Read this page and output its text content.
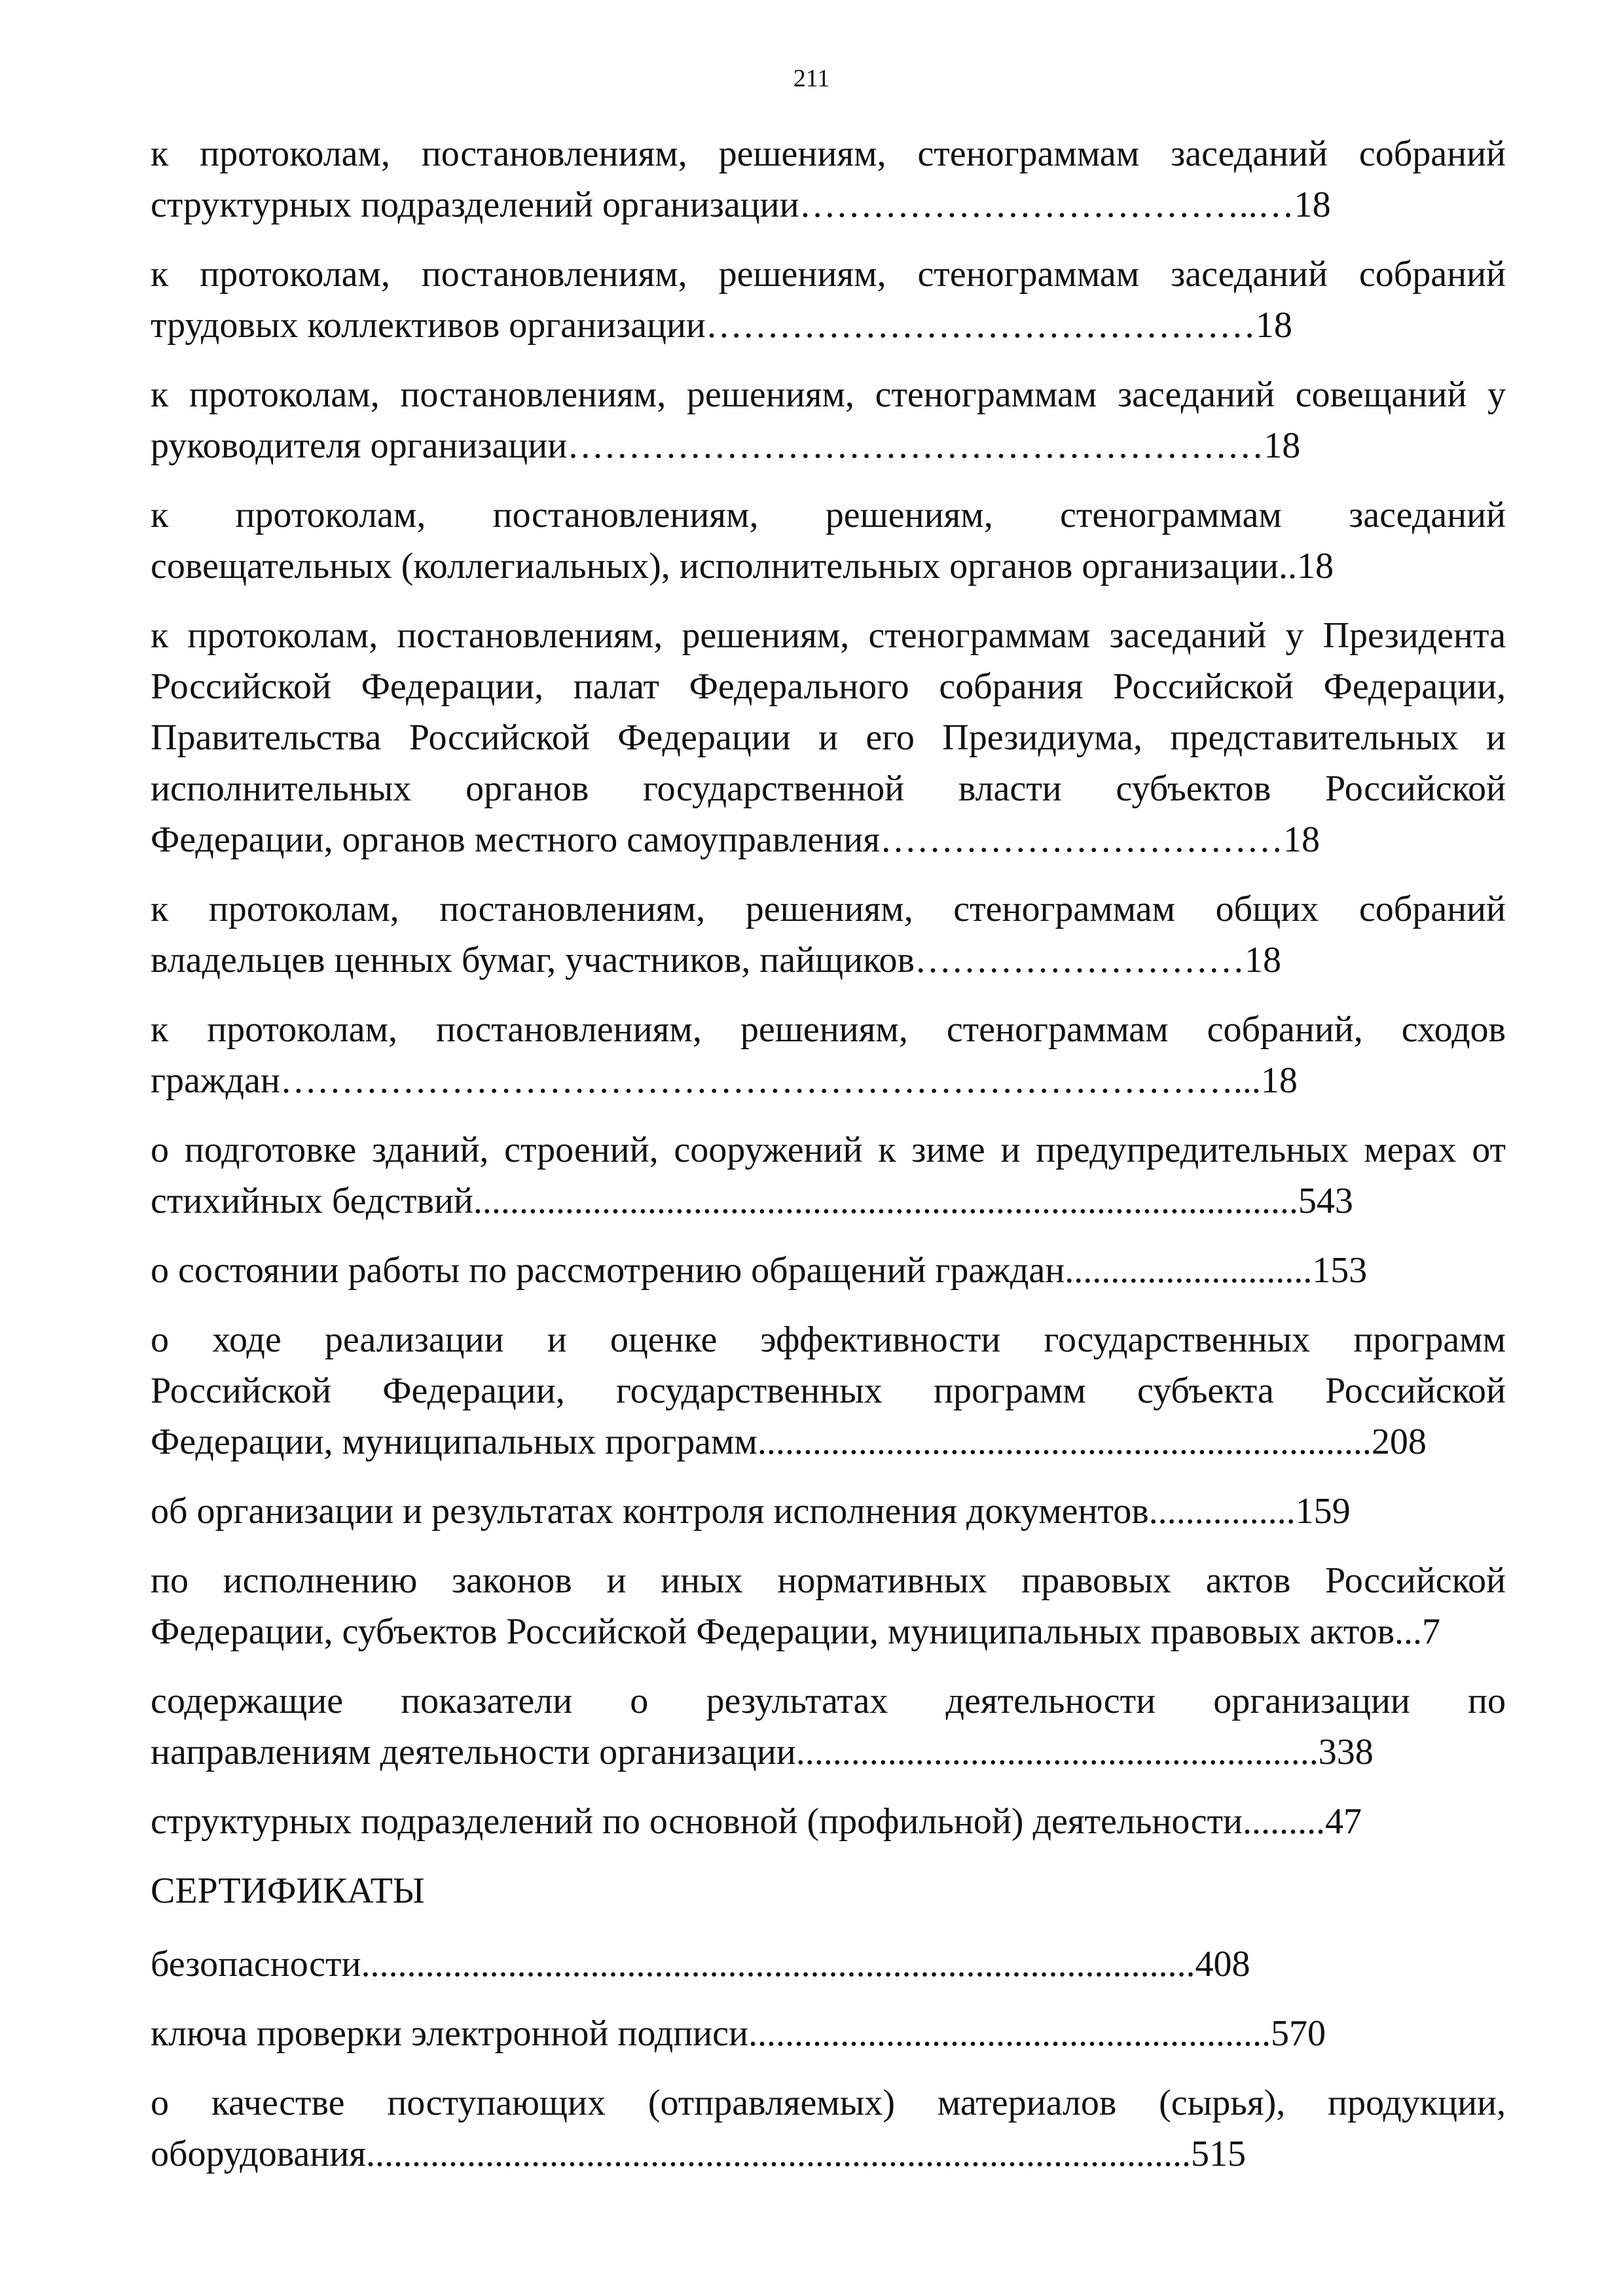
211
к протоколам, постановлениям, решениям, стенограммам заседаний собраний
структурных подразделений организации ……………………………….. …18
к протоколам, постановлениям, решениям, стенограммам заседаний собраний
трудовых коллективов организации ……………………………………… 18
к протоколам, постановлениям, решениям, стенограммам заседаний совещаний у
руководителя организации ………………………………………………… 18
к протоколам, постановлениям, решениям, стенограммам заседаний
совещательных (коллегиальных), исполнительных органов организации .. 18
к протоколам, постановлениям, решениям, стенограммам заседаний у Президента
Российской Федерации, палат Федерального собрания Российской Федерации,
Правительства Российской Федерации и его Президиума, представительных и
исполнительных органов государственной власти субъектов Российской
Федерации, органов местного самоуправления …………………………… 18
к протоколам, постановлениям, решениям, стенограммам общих собраний
владельцев ценных бумаг, участников, пайщиков ……………………… 18
к протоколам, постановлениям, решениям, стенограммам собраний, сходов
граждан ……………………………………………………………………... 18
о подготовке зданий, строений, сооружений к зиме и предупредительных мерах от
стихийных бедствий .......................................................................................... 543
о состоянии работы по рассмотрению обращений граждан ........................... 153
о ходе реализации и оценке эффективности государственных программ
Российской Федерации, государственных программ субъекта Российской
Федерации, муниципальных программ ................................................................... 208
об организации и результатах контроля исполнения документов ................ 159
по исполнению законов и иных нормативных правовых актов Российской
Федерации, субъектов Российской Федерации, муниципальных правовых актов ... 7
содержащие показатели о результатах деятельности организации по
направлениям деятельности организации ......................................................... 338
структурных подразделений по основной (профильной) деятельности ......... 47
СЕРТИФИКАТЫ
безопасности ........................................................................................... 408
ключа проверки электронной подписи ......................................................... 570
о качестве поступающих (отправляемых) материалов (сырья), продукции,
оборудования .......................................................................................... 515
